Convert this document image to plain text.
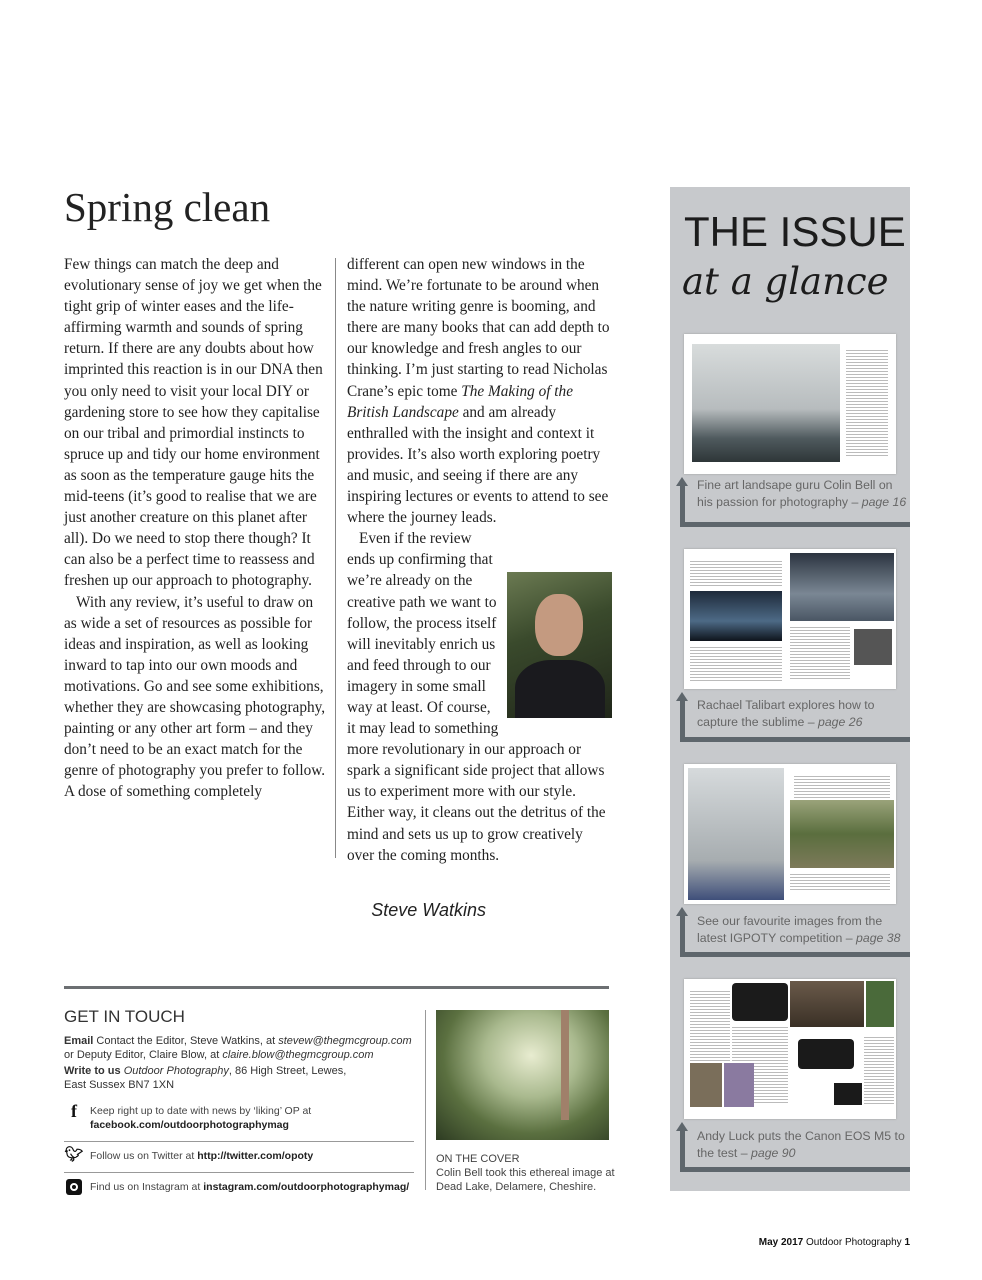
Spring clean

Few things can match the deep and evolutionary sense of joy we get when the tight grip of winter eases and the life-affirming warmth and sounds of spring return. If there are any doubts about how imprinted this reaction is in our DNA then you only need to visit your local DIY or gardening store to see how they capitalise on our tribal and primordial instincts to spruce up and tidy our home environment as soon as the temperature gauge hits the mid-teens (it’s good to realise that we are just another creature on this planet after all). Do we need to stop there though? It can also be a perfect time to reassess and freshen up our approach to photography.

With any review, it’s useful to draw on as wide a set of resources as possible for ideas and inspiration, as well as looking inward to tap into our own moods and motivations. Go and see some exhibitions, whether they are showcasing photography, painting or any other art form – and they don’t need to be an exact match for the genre of photography you prefer to follow. A dose of something completely

different can open new windows in the mind. We’re fortunate to be around when the nature writing genre is booming, and there are many books that can add depth to our knowledge and fresh angles to our thinking. I’m just starting to read Nicholas Crane’s epic tome The Making of the British Landscape and am already enthralled with the insight and context it provides. It’s also worth exploring poetry and music, and seeing if there are any inspiring lectures or events to attend to see where the journey leads.

Even if the review ends up confirming that we’re already on the creative path we want to follow, the process itself will inevitably enrich us and feed through to our imagery in some small way at least. Of course, it may lead to something more revolutionary in our approach or spark a significant side project that allows us to experiment more with our style. Either way, it cleans out the detritus of the mind and sets us up to grow creatively over the coming months.

Steve Watkins
GET IN TOUCH
Email Contact the Editor, Steve Watkins, at stevew@thegmcgroup.com or Deputy Editor, Claire Blow, at claire.blow@thegmcgroup.com
Write to us Outdoor Photography, 86 High Street, Lewes, East Sussex BN7 1XN
f	Keep right up to date with news by ‘liking’ OP at
facebook.com/outdoorphotographymag
🐦︎ Follow us on Twitter at http://twitter.com/opoty
Find us on Instagram at instagram.com/outdoorphotographymag/
ON THE COVER
Colin Bell took this ethereal image at Dead Lake, Delamere, Cheshire.
THE ISSUE
at a glance
Fine art landsape guru Colin Bell on his passion for photography – page 16
Rachael Talibart explores how to capture the sublime – page 26
See our favourite images from the latest IGPOTY competition – page 38
Andy Luck puts the Canon EOS M5 to the test – page 90
May 2017 Outdoor Photography 1
